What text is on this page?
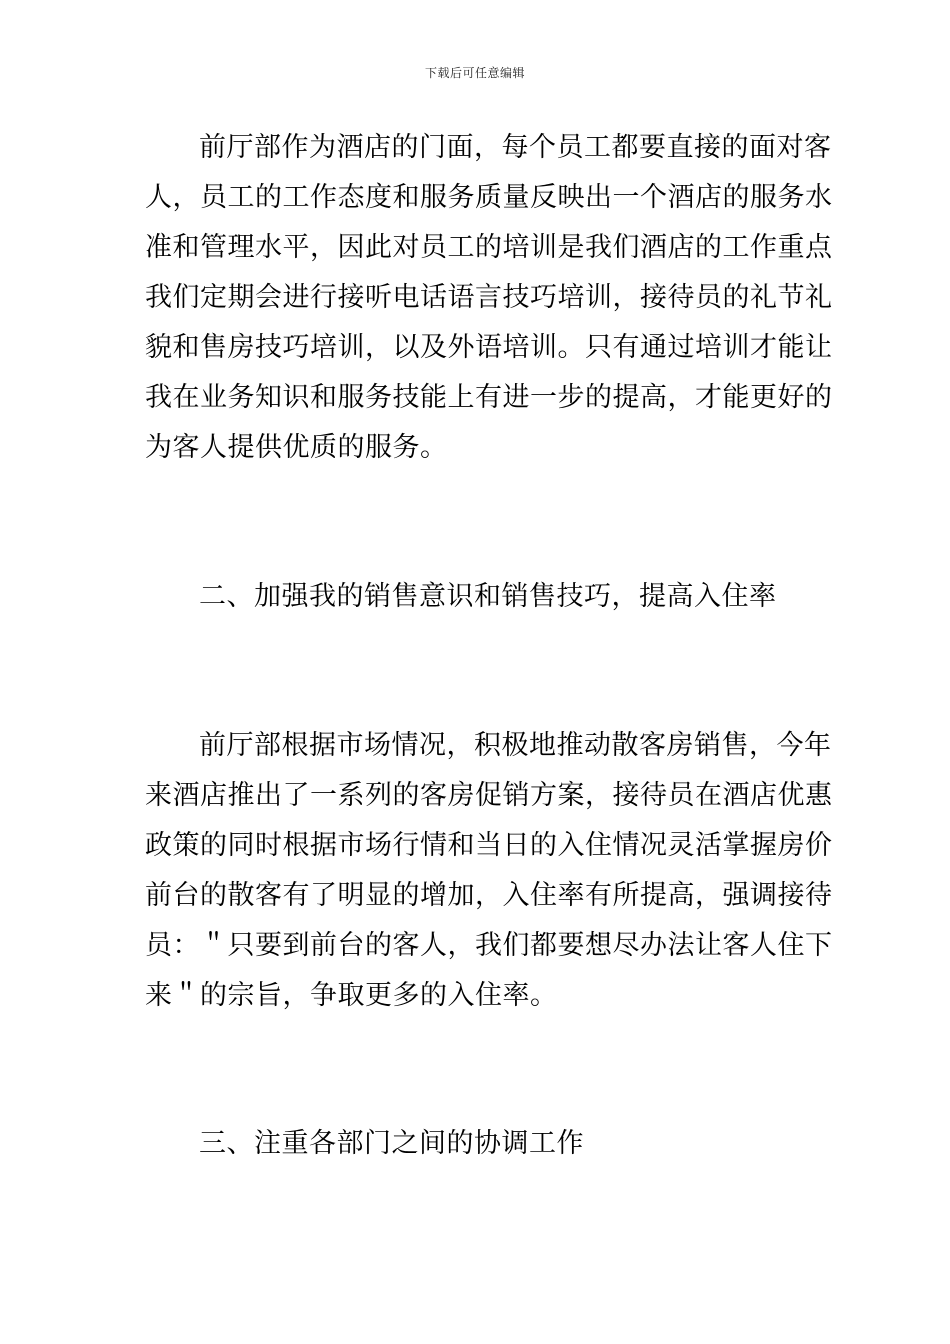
下载后可任意编辑
前厅部作为酒店的门面，每个员工都要直接的面对客
人，员工的工作态度和服务质量反映出一个酒店的服务水
准和管理水平，因此对员工的培训是我们酒店的工作重点
我们定期会进行接听电话语言技巧培训，接待员的礼节礼
貌和售房技巧培训，以及外语培训。只有通过培训才能让
我在业务知识和服务技能上有进一步的提高，才能更好的
为客人提供优质的服务。
二、加强我的销售意识和销售技巧，提高入住率
前厅部根据市场情况，积极地推动散客房销售，今年
来酒店推出了一系列的客房促销方案，接待员在酒店优惠
政策的同时根据市场行情和当日的入住情况灵活掌握房价
前台的散客有了明显的增加，入住率有所提高，强调接待
员：＂只要到前台的客人，我们都要想尽办法让客人住下
来＂的宗旨，争取更多的入住率。
三、注重各部门之间的协调工作
